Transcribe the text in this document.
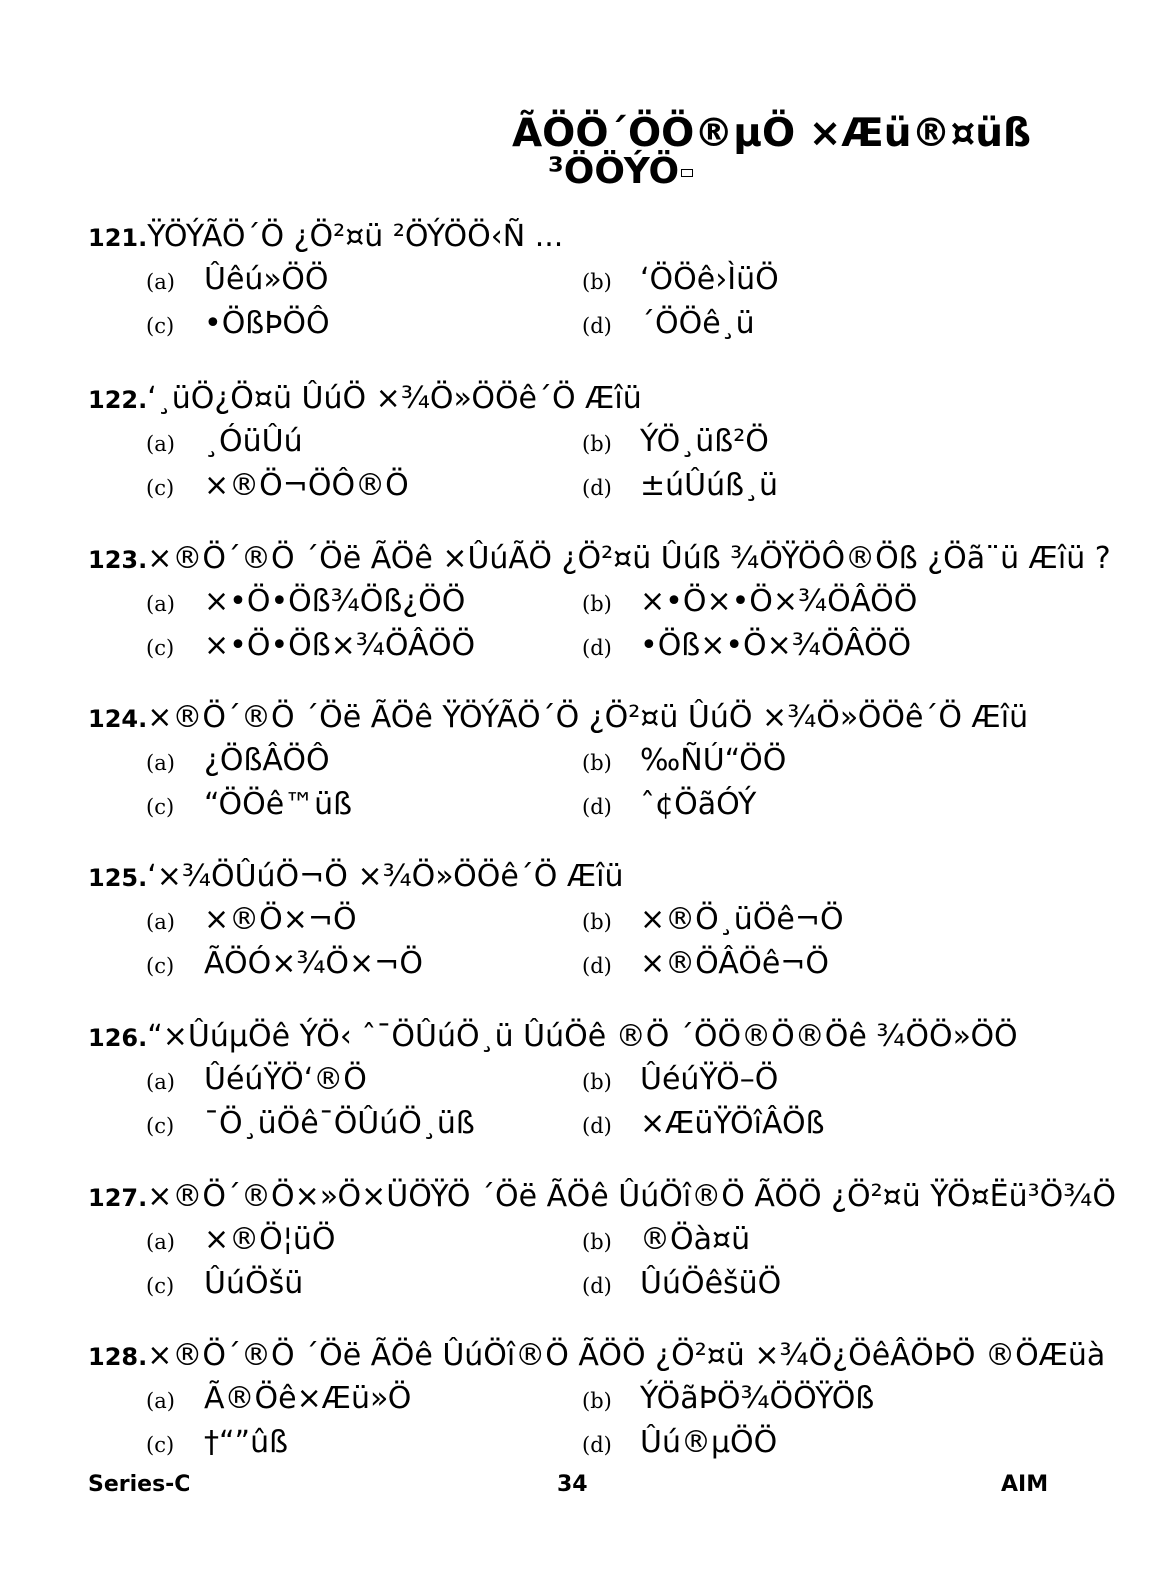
ÃÖÖ´ÖÖ®µÖ ×Æü®¤üß
³ÖÖÝÖ
121.ŸÖÝÃÖ´Ö ¿Ö²¤ü ²ÖÝÖÖ‹Ñ ...
(a) Ûêú»ÖÖ	(b) ‘ÖÖê›ÌüÖ
(c) •ÖßÞÖÔ	(d) ´ÖÖê¸ü
122.‘¸üÖ¿Ö¤ü ÛúÖ ×¾Ö»ÖÖê´Ö Æîü
(a) ¸ÓüÛú	(b) ÝÖ¸üß²Ö
(c) ×®Ö¬ÖÔ®Ö	(d) ±úÛúß¸ü
123.×®Ö´®Ö ´Öë ÃÖê ×ÛúÃÖ ¿Ö²¤ü Ûúß ¾ÖŸÖÔ®Öß ¿Öã¨ü Æîü ?
(a) ×•Ö•Öß¾Öß¿ÖÖ	(b) ×•Ö×•Ö×¾ÖÂÖÖ
(c) ×•Ö•Öß×¾ÖÂÖÖ	(d) •Öß×•Ö×¾ÖÂÖÖ
124.×®Ö´®Ö ´Öë ÃÖê ŸÖÝÃÖ´Ö ¿Ö²¤ü ÛúÖ ×¾Ö»ÖÖê´Ö Æîü
(a) ¿ÖßÂÖÔ	(b) ‰ÑÚ“ÖÖ
(c) “ÖÖê™üß	(d) ˆ¢ÖãÓÝ
125.‘×¾ÖÛúÖ¬Ö ×¾Ö»ÖÖê´Ö Æîü
(a) ×®Ö×¬Ö	(b) ×®Ö¸üÖê¬Ö
(c) ÃÖÓ×¾Ö×¬Ö	(d) ×®ÖÂÖê¬Ö
126.“×ÛúµÖê ÝÖ‹ ˆ¯ÖÛúÖ¸ü ÛúÖê ®Ö ´ÖÖ®Ö®Öê ¾ÖÖ»ÖÖ
(a) ÛéúŸÖ‘®Ö	(b) ÛéúŸÖ–Ö
(c) ¯Ö¸üÖê¯ÖÛúÖ¸üß	(d) ×ÆüŸÖîÂÖß
127.×®Ö´®Ö×»Ö×ÜÖŸÖ ´Öë ÃÖê ÛúÖî®Ö ÃÖÖ ¿Ö²¤ü ŸÖ¤Ëü³Ö¾Ö
(a) ×®Ö¦üÖ	(b) ®Öà¤ü
(c) ÛúÖšü	(d) ÛúÖêšüÖ
128.×®Ö´®Ö ´Öë ÃÖê ÛúÖî®Ö ÃÖÖ ¿Ö²¤ü ×¾Ö¿ÖêÂÖÞÖ ®ÖÆüà
(a) Ã®Öê×Æü»Ö	(b) ÝÖãÞÖ¾ÖÖŸÖß
(c) †“”ûß	(d) Ûú®µÖÖ
Series-C	34	AIM
